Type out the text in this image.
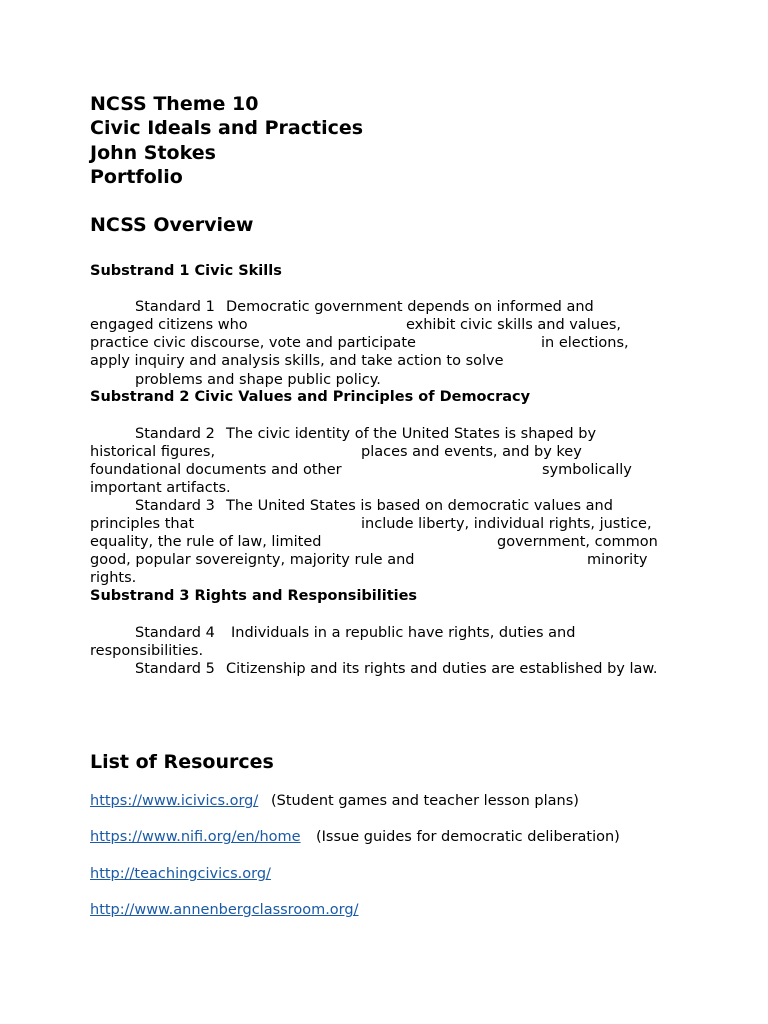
NCSS Theme 10
Civic Ideals and Practices
John Stokes
Portfolio
NCSS Overview
Substrand 1 Civic Skills
Standard 1 Democratic government depends on informed and
engaged citizens who	exhibit civic skills and values,
practice civic discourse, vote and participate	in elections,
apply inquiry and analysis skills, and take action to solve
problems and shape public policy.
Substrand 2 Civic Values and Principles of Democracy
Standard 2 The civic identity of the United States is shaped by
historical figures,	places and events, and by key
foundational documents and other	symbolically
important artifacts.
Standard 3 The United States is based on democratic values and
principles that	include liberty, individual rights, justice,
equality, the rule of law, limited	government, common
good, popular sovereignty, majority rule and	minority
rights.
Substrand 3 Rights and Responsibilities
Standard 4 Individuals in a republic have rights, duties and
responsibilities.
Standard 5 Citizenship and its rights and duties are established by law.
List of Resources
https://www.icivics.org/ (Student games and teacher lesson plans)
https://www.nifi.org/en/home (Issue guides for democratic deliberation)
http://teachingcivics.org/
http://www.annenbergclassroom.org/
